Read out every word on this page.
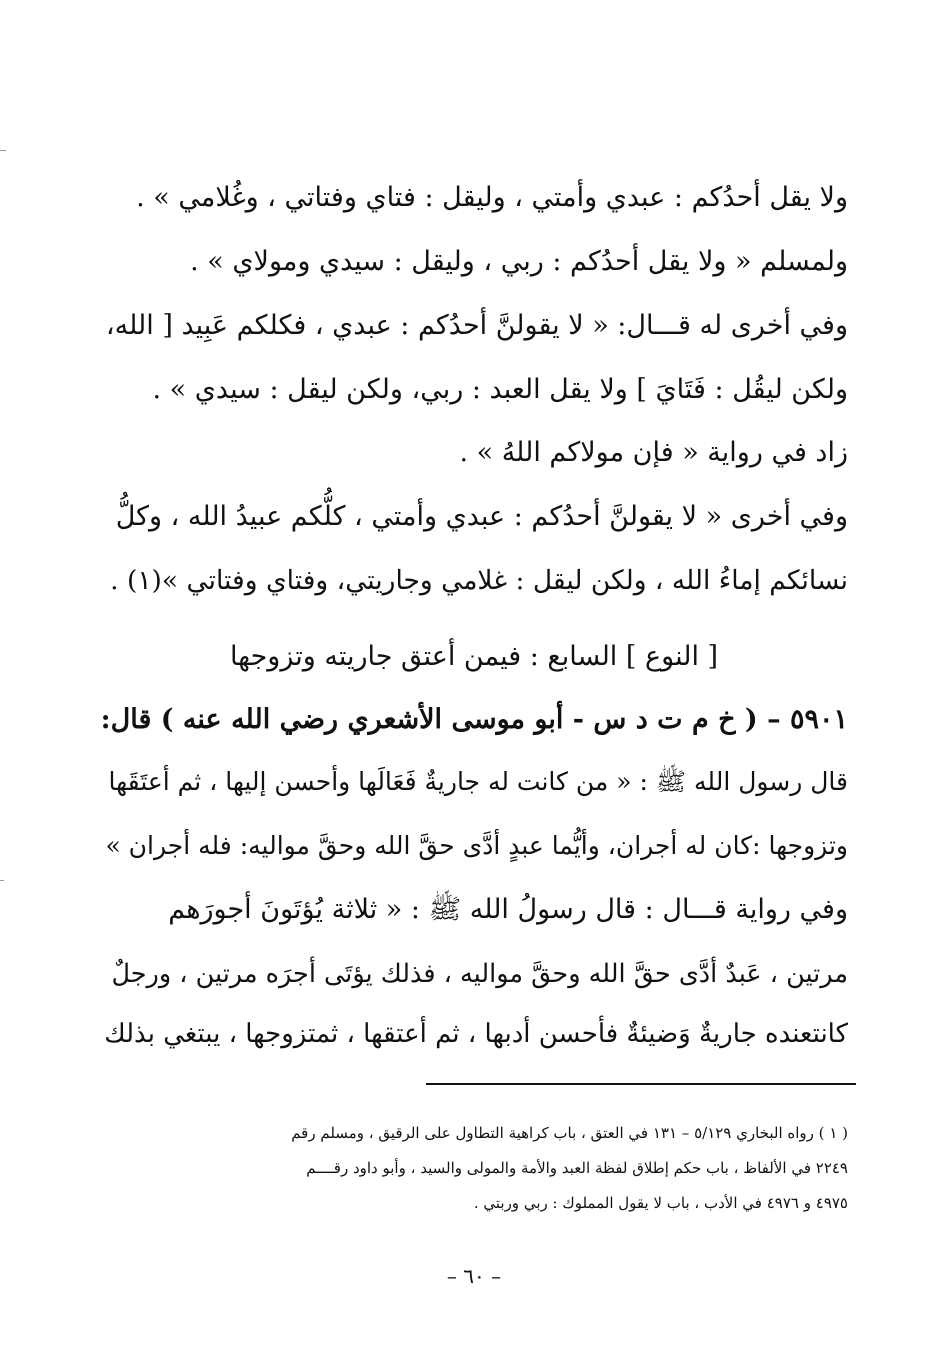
ولا يقل أحدُكم : عبدي وأمتي ، وليقل : فتاي وفتاتي ، وغُلامي » .
ولمسلم « ولا يقل أحدُكم : ربي ، وليقل : سيدي ومولاي » .
وفي أخرى له قـــال: « لا يقولنَّ أحدُكم : عبدي ، فكلكم عَبِيد [ الله،
ولكن ليقُل : فَتَايَ ] ولا يقل العبد : ربي، ولكن ليقل : سيدي » .
زاد في رواية « فإن مولاكم اللهُ » .
وفي أخرى « لا يقولنَّ أحدُكم : عبدي وأمتي ، كلُّكم عبيدُ الله ، وكلُّ
نسائكم إماءُ الله ، ولكن ليقل : غلامي وجاريتي، وفتاي وفتاتي »(١) .
[ النوع ] السابع : فيمن أعتق جاريته وتزوجها
٥٩٠١ – ( خ م ت د س - أبو موسى الأشعري رضي الله عنه ) قال:
قال رسول الله ﷺ : « من كانت له جاريةٌ فَعَالَها وأحسن إليها ، ثم أعتَقَها
وتزوجها :كان له أجران، وأيُّما عبدٍ أدَّى حقَّ الله وحقَّ مواليه: فله أجران »
وفي رواية قـــال : قال رسولُ الله ﷺ : « ثلاثة يُؤتَونَ أجورَهم
مرتين ، عَبدٌ أدَّى حقَّ الله وحقَّ مواليه ، فذلك يؤتَى أجرَه مرتين ، ورجلٌ
كانتعنده جاريةٌ وَضيئةٌ فأحسن أدبها ، ثم أعتقها ، ثمتزوجها ، يبتغي بذلك
( ١ ) رواه البخاري ٥/١٢٩ – ١٣١ في العتق ، باب كراهية التطاول على الرقيق ، ومسلم رقم
٢٢٤٩ في الألفاظ ، باب حكم إطلاق لفظة العبد والأمة والمولى والسيد ، وأبو داود رقــــم
٤٩٧٥ و ٤٩٧٦ في الأدب ، باب لا يقول المملوك : ربي وربتي .
– ٦٠ –
